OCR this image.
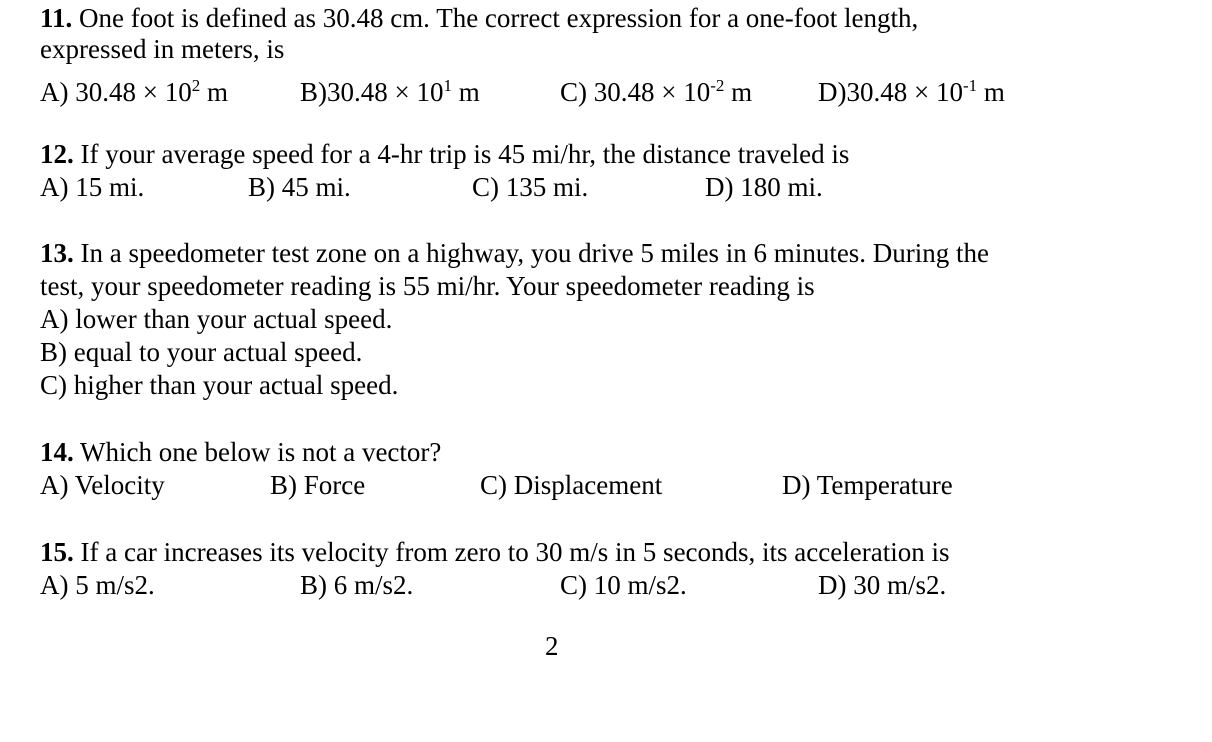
11. One foot is defined as 30.48 cm. The correct expression for a one-foot length,
expressed in meters, is
A) $30.48 \times 10^2$ m	$B)30.48 \times 10^1$ m	C) $30.48 \times 10^{-2}$ m $D)30.48 \times 10^{-1}$ m
12. If your average speed for a 4-hr trip is 45 mi/hr, the distance traveled is
A) 15 mi.	B) 45 mi.	C) 135 mi.	D) 180 mi.
13. In a speedometer test zone on a highway, you drive 5 miles in 6 minutes. During the
test, your speedometer reading is 55 mi/hr. Your speedometer reading is
A) lower than your actual speed.
B) equal to your actual speed.
C) higher than your actual speed.
14. Which one below is not a vector?
A) Velocity	B) Force	C) Displacement	D) Temperature
15. If a car increases its velocity from zero to 30 m/s in 5 seconds, its acceleration is
A) 5 m/s2.	B) 6 m/s2.	C) 10 m/s2.	D) 30 m/s2.
2
